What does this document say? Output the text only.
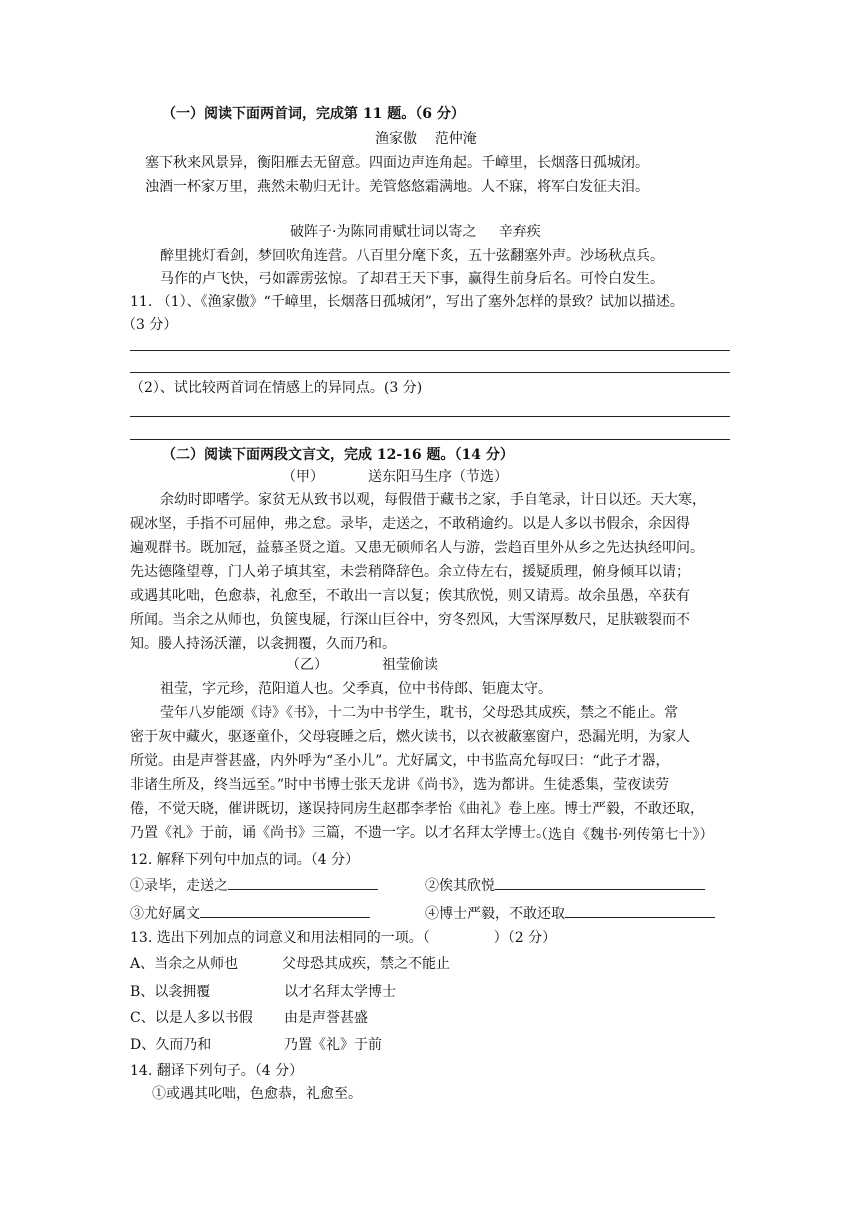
（一）阅读下面两首词，完成第 11 题。（6 分）
渔家傲    范仲淹
塞下秋来风景异，衡阳雁去无留意。四面边声连角起。千嶂里，长烟落日孤城闭。
浊酒一杯家万里，燕然未勒归无计。羌管悠悠霜满地。人不寐，将军白发征夫泪。
破阵子·为陈同甫赋壮词以寄之     辛弃疾
醉里挑灯看剑，梦回吹角连营。八百里分麾下炙，五十弦翻塞外声。沙场秋点兵。
马作的卢飞快，弓如霹雳弦惊。了却君王天下事，赢得生前身后名。可怜白发生。
11. （1）、《渔家傲》“千嶂里，长烟落日孤城闭”，写出了塞外怎样的景致？试加以描述。
（3 分）
（2）、试比较两首词在情感上的异同点。(3 分)
（二）阅读下面两段文言文，完成 12-16 题。（14 分）
（甲）	送东阳马生序（节选）
余幼时即嗜学。家贫无从致书以观，每假借于藏书之家，手自笔录，计日以还。天大寒，
砚冰坚，手指不可屈伸，弗之怠。录毕，走送之，不敢稍逾约。以是人多以书假余，余因得
遍观群书。既加冠，益慕圣贤之道。又患无硕师名人与游，尝趋百里外从乡之先达执经叩问。
先达德隆望尊，门人弟子填其室，未尝稍降辞色。余立侍左右，援疑质理，俯身倾耳以请；
或遇其叱咄，色愈恭，礼愈至，不敢出一言以复；俟其欣悦，则又请焉。故余虽愚，卒获有
所闻。当余之从师也，负箧曳屣，行深山巨谷中，穷冬烈风，大雪深厚数尺，足肤皲裂而不
知。媵人持汤沃灌，以衾拥覆，久而乃和。
（乙）	祖莹偷读
祖莹，字元珍，范阳道人也。父季真，位中书侍郎、钜鹿太守。
莹年八岁能颂《诗》《书》，十二为中书学生，耽书，父母恐其成疾，禁之不能止。常
密于灰中藏火，驱逐童仆，父母寝睡之后，燃火读书，以衣被蔽塞窗户，恐漏光明，为家人
所觉。由是声誉甚盛，内外呼为“圣小儿”。尤好属文，中书监高允每叹曰：“此子才器，
非诸生所及，终当远至。”时中书博士张天龙讲《尚书》，选为都讲。生徒悉集，莹夜读劳
倦，不觉天晓，催讲既切，遂误持同房生赵郡李孝怡《曲礼》卷上座。博士严毅，不敢还取，
乃置《礼》于前，诵《尚书》三篇，不遗一字。以才名拜太学博士。
（选自《魏书·列传第七十》）
12. 解释下列句中加点的词。（4 分）
①录毕，走送之	②俟其欣悦
③尤好属文	④博士严毅，不敢还取
13. 选出下列加点的词意义和用法相同的一项。（	）（2 分）
A、当余之从师也	父母恐其成疾，禁之不能止
B、以衾拥覆	以才名拜太学博士
C、以是人多以书假 由是声誉甚盛
D、久而乃和	乃置《礼》于前
14. 翻译下列句子。（4 分）
①或遇其叱咄，色愈恭，礼愈至。
